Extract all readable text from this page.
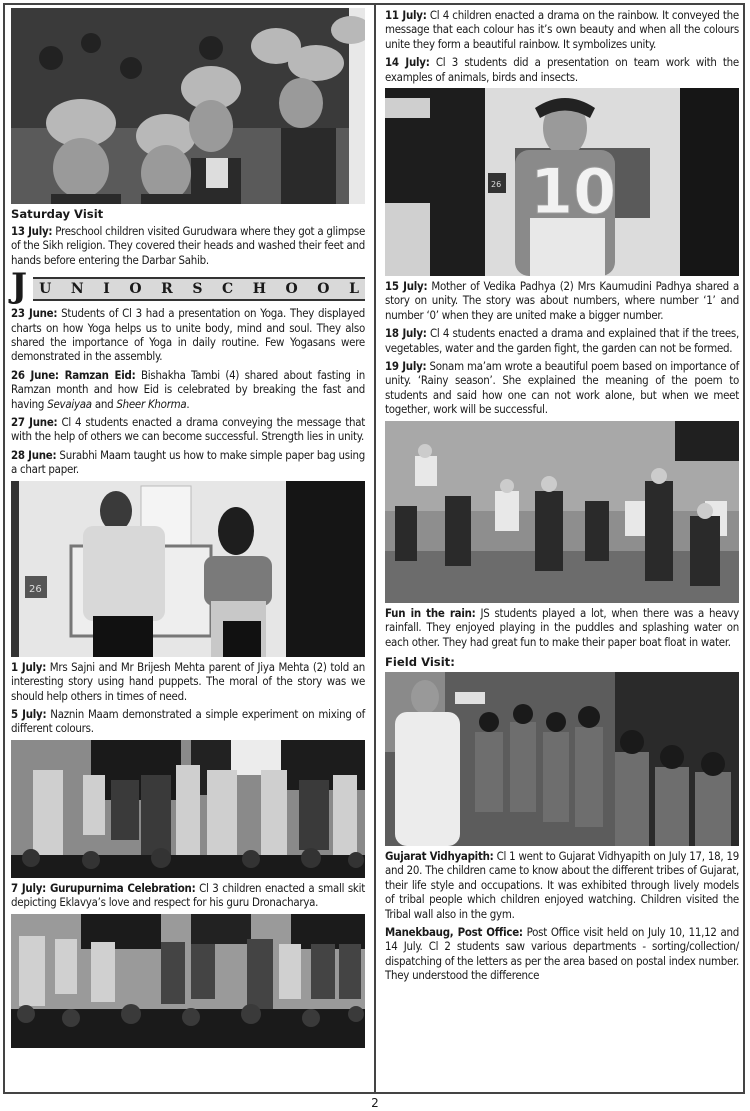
Saturday Visit

13 July: Preschool children visited Gurudwara where they got a glimpse of the Sikh religion. They covered their heads and washed their feet and hands before entering the Darbar Sahib.

J U N I O R S C H O O L

23 June: Students of Cl 3 had a presentation on Yoga. They displayed charts on how Yoga helps us to unite body, mind and soul. They also shared the importance of Yoga in daily routine. Few Yogasans were demonstrated in the assembly.

26 June: Ramzan Eid: Bishakha Tambi (4) shared about fasting in Ramzan month and how Eid is celebrated by breaking the fast and having Sevaiyaa and Sheer Khorma.

27 June: Cl 4 students enacted a drama conveying the message that with the help of others we can become successful. Strength lies in unity.

28 June: Surabhi Maam taught us how to make simple paper bag using a chart paper.

26

1 July: Mrs Sajni and Mr Brijesh Mehta parent of Jiya Mehta (2) told an interesting story using hand puppets. The moral of the story was we should help others in times of need.

5 July: Naznin Maam demonstrated a simple experiment on mixing of different colours.

7 July: Gurupurnima Celebration: Cl 3 children enacted a small skit depicting Eklavya’s love and respect for his guru Dronacharya.

11 July: Cl 4 children enacted a drama on the rainbow. It conveyed the message that each colour has it’s own beauty and when all the colours unite they form a beautiful rainbow. It symbolizes unity.

14 July: Cl 3 students did a presentation on team work with the examples of animals, birds and insects.

26 10

15 July: Mother of Vedika Padhya (2) Mrs Kaumudini Padhya shared a story on unity. The story was about numbers, where number ‘1’ and number ‘0’ when they are united make a bigger number.

18 July: Cl 4 students enacted a drama and explained that if the trees, vegetables, water and the garden fight, the garden can not be formed.

19 July: Sonam ma’am wrote a beautiful poem based on importance of unity. ‘Rainy season’. She explained the meaning of the poem to students and said how one can not work alone, but when we meet together, work will be successful.

Fun in the rain: JS students played a lot, when there was a heavy rainfall. They enjoyed playing in the puddles and splashing water on each other. They had great fun to make their paper boat float in water.

Field Visit:

Gujarat Vidhyapith: Cl 1 went to Gujarat Vidhyapith on July 17, 18, 19 and 20. The children came to know about the different tribes of Gujarat, their life style and occupations. It was exhibited through lively models of tribal people which children enjoyed watching. Children visited the Tribal wall also in the gym.

Manekbaug, Post Office: Post Office visit held on July 10, 11,12 and 14 July. Cl 2 students saw various departments - sorting/collection/ dispatching of the letters as per the area based on postal index number. They understood the difference

2
